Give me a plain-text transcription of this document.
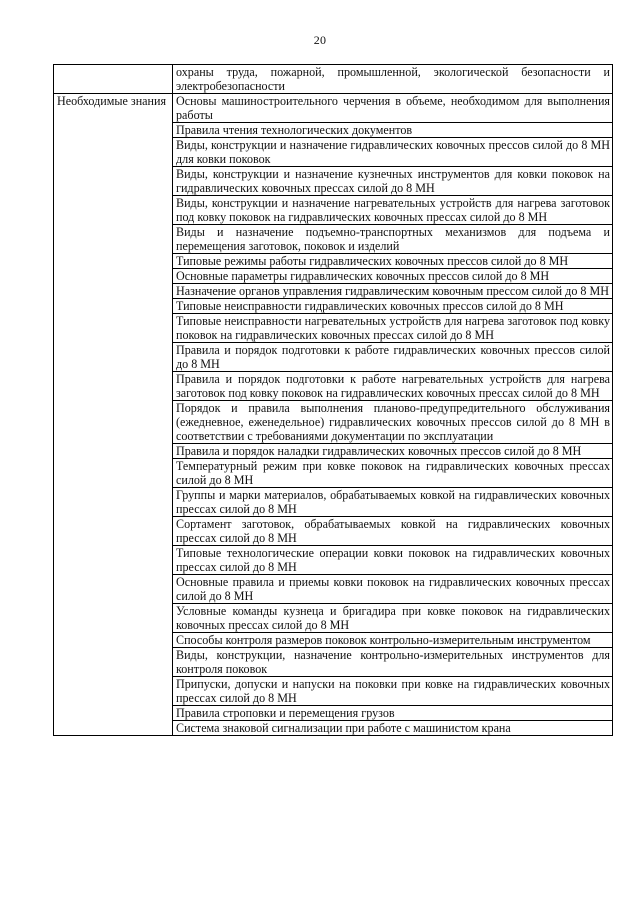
20
	охраны труда, пожарной, промышленной, экологической безопасности и электробезопасности
Необходимые знания	Основы машиностроительного черчения в объеме, необходимом для выполнения работы
	Правила чтения технологических документов
	Виды, конструкции и назначение гидравлических ковочных прессов силой до 8 МН для ковки поковок
	Виды, конструкции и назначение кузнечных инструментов для ковки поковок на гидравлических ковочных прессах силой до 8 МН
	Виды, конструкции и назначение нагревательных устройств для нагрева заготовок под ковку поковок на гидравлических ковочных прессах силой до 8 МН
	Виды и назначение подъемно-транспортных механизмов для подъема и перемещения заготовок, поковок и изделий
	Типовые режимы работы гидравлических ковочных прессов силой до 8 МН
	Основные параметры гидравлических ковочных прессов силой до 8 МН
	Назначение органов управления гидравлическим ковочным прессом силой до 8 МН
	Типовые неисправности гидравлических ковочных прессов силой до 8 МН
	Типовые неисправности нагревательных устройств для нагрева заготовок под ковку поковок на гидравлических ковочных прессах силой до 8 МН
	Правила и порядок подготовки к работе гидравлических ковочных прессов силой до 8 МН
	Правила и порядок подготовки к работе нагревательных устройств для нагрева заготовок под ковку поковок на гидравлических ковочных прессах силой до 8 МН
	Порядок и правила выполнения планово-предупредительного обслуживания (ежедневное, еженедельное) гидравлических ковочных прессов силой до 8 МН в соответствии с требованиями документации по эксплуатации
	Правила и порядок наладки гидравлических ковочных прессов силой до 8 МН
	Температурный режим при ковке поковок на гидравлических ковочных прессах силой до 8 МН
	Группы и марки материалов, обрабатываемых ковкой на гидравлических ковочных прессах силой до 8 МН
	Сортамент заготовок, обрабатываемых ковкой на гидравлических ковочных прессах силой до 8 МН
	Типовые технологические операции ковки поковок на гидравлических ковочных прессах силой до 8 МН
	Основные правила и приемы ковки поковок на гидравлических ковочных прессах силой до 8 МН
	Условные команды кузнеца и бригадира при ковке поковок на гидравлических ковочных прессах силой до 8 МН
	Способы контроля размеров поковок контрольно-измерительным инструментом
	Виды, конструкции, назначение контрольно-измерительных инструментов для контроля поковок
	Припуски, допуски и напуски на поковки при ковке на гидравлических ковочных прессах силой до 8 МН
	Правила строповки и перемещения грузов
	Система знаковой сигнализации при работе с машинистом крана
